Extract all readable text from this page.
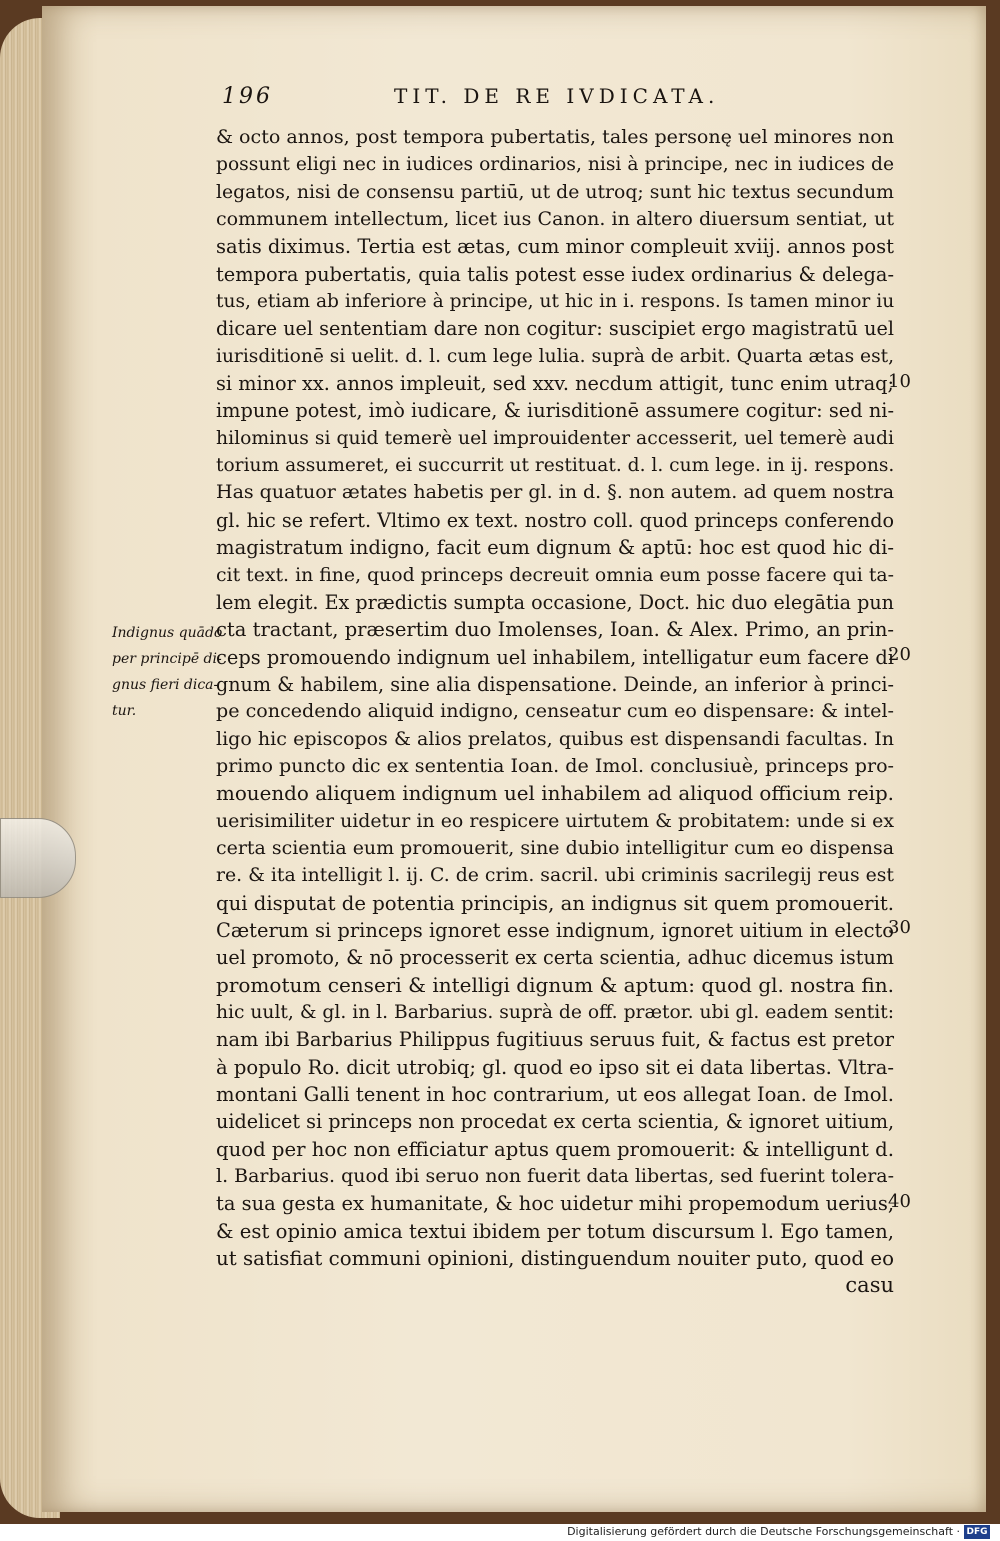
196	TIT. DE RE IVDICATA.
Indignus quādo
per principē di-
gnus fieri dica-
tur.
& octo annos, post tempora pubertatis, tales personę uel minores non
possunt eligi nec in iudices ordinarios, nisi à principe, nec in iudices de
legatos, nisi de consensu partiū, ut de utroq; sunt hic textus secundum
communem intellectum, licet ius Canon. in altero diuersum sentiat, ut
satis diximus. Tertia est ætas, cum minor compleuit xviij. annos post
tempora pubertatis, quia talis potest esse iudex ordinarius & delega-
tus, etiam ab inferiore à principe, ut hic in i. respons. Is tamen minor iu
dicare uel sententiam dare non cogitur: suscipiet ergo magistratū uel
iurisditionē si uelit. d. l. cum lege lulia. suprà de arbit. Quarta ætas est,
si minor xx. annos impleuit, sed xxv. necdum attigit, tunc enim utraq;
impune potest, imò iudicare, & iurisditionē assumere cogitur: sed ni-
hilominus si quid temerè uel improuidenter accesserit, uel temerè audi
torium assumeret, ei succurrit ut restituat. d. l. cum lege. in ij. respons.
Has quatuor ætates habetis per gl. in d. §. non autem. ad quem nostra
gl. hic se refert. Vltimo ex text. nostro coll. quod princeps conferendo
magistratum indigno, facit eum dignum & aptū: hoc est quod hic di-
cit text. in fine, quod princeps decreuit omnia eum posse facere qui ta-
lem elegit. Ex prædictis sumpta occasione, Doct. hic duo elegātia pun
cta tractant, præsertim duo Imolenses, Ioan. & Alex. Primo, an prin-
ceps promouendo indignum uel inhabilem, intelligatur eum facere di
gnum & habilem, sine alia dispensatione. Deinde, an inferior à princi-
pe concedendo aliquid indigno, censeatur cum eo dispensare: & intel-
ligo hic episcopos & alios prelatos, quibus est dispensandi facultas. In
primo puncto dic ex sententia Ioan. de Imol. conclusiuè, princeps pro-
mouendo aliquem indignum uel inhabilem ad aliquod officium reip.
uerisimiliter uidetur in eo respicere uirtutem & probitatem: unde si ex
certa scientia eum promouerit, sine dubio intelligitur cum eo dispensa
re. & ita intelligit l. ij. C. de crim. sacril. ubi criminis sacrilegij reus est
qui disputat de potentia principis, an indignus sit quem promouerit.
Cæterum si princeps ignoret esse indignum, ignoret uitium in electo
uel promoto, & nō processerit ex certa scientia, adhuc dicemus istum
promotum censeri & intelligi dignum & aptum: quod gl. nostra fin.
hic uult, & gl. in l. Barbarius. suprà de off. prætor. ubi gl. eadem sentit:
nam ibi Barbarius Philippus fugitiuus seruus fuit, & factus est pretor
à populo Ro. dicit utrobiq; gl. quod eo ipso sit ei data libertas. Vltra-
montani Galli tenent in hoc contrarium, ut eos allegat Ioan. de Imol.
uidelicet si princeps non procedat ex certa scientia, & ignoret uitium,
quod per hoc non efficiatur aptus quem promouerit: & intelligunt d.
l. Barbarius. quod ibi seruo non fuerit data libertas, sed fuerint tolera-
ta sua gesta ex humanitate, & hoc uidetur mihi propemodum uerius,
& est opinio amica textui ibidem per totum discursum l. Ego tamen,
ut satisfiat communi opinioni, distinguendum nouiter puto, quod eo
casu
10
20
30
40
Digitalisierung gefördert durch die Deutsche Forschungsgemeinschaft · DFG
